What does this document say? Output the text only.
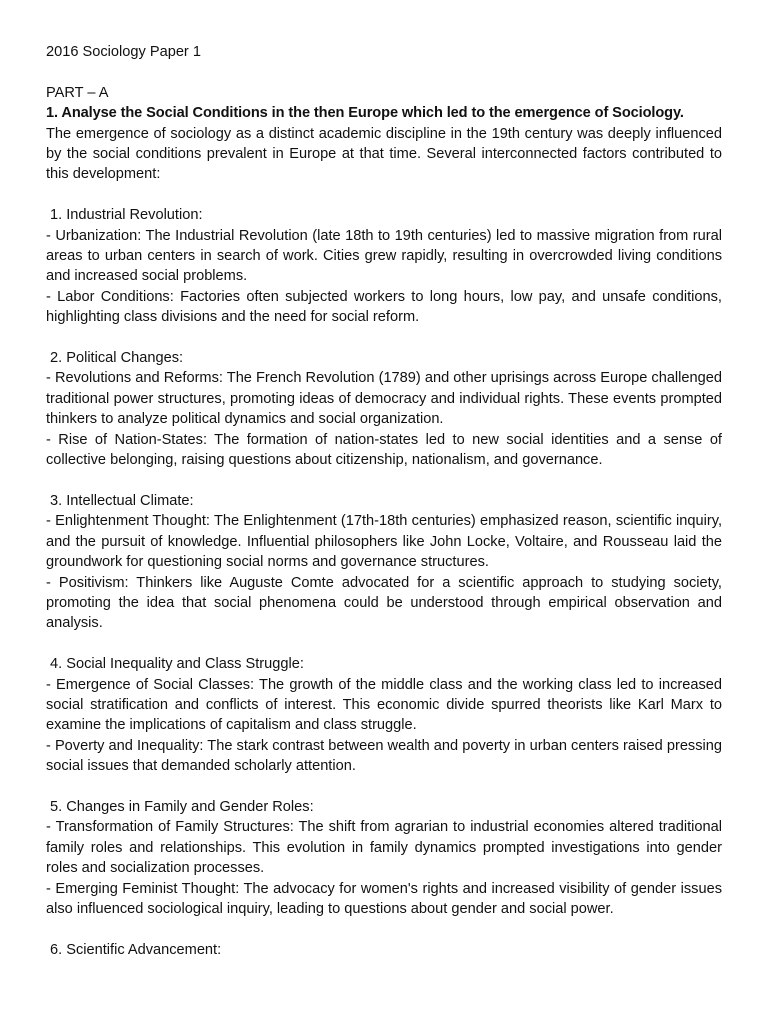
2016 Sociology Paper 1
PART – A
1. Analyse the Social Conditions in the then Europe which led to the emergence of Sociology.

The emergence of sociology as a distinct academic discipline in the 19th century was deeply influenced by the social conditions prevalent in Europe at that time. Several interconnected factors contributed to this development:

1. Industrial Revolution:

- Urbanization: The Industrial Revolution (late 18th to 19th centuries) led to massive migration from rural areas to urban centers in search of work. Cities grew rapidly, resulting in overcrowded living conditions and increased social problems.

- Labor Conditions: Factories often subjected workers to long hours, low pay, and unsafe conditions, highlighting class divisions and the need for social reform.

2. Political Changes:

- Revolutions and Reforms: The French Revolution (1789) and other uprisings across Europe challenged traditional power structures, promoting ideas of democracy and individual rights. These events prompted thinkers to analyze political dynamics and social organization.

- Rise of Nation-States: The formation of nation-states led to new social identities and a sense of collective belonging, raising questions about citizenship, nationalism, and governance.

3. Intellectual Climate:

- Enlightenment Thought: The Enlightenment (17th-18th centuries) emphasized reason, scientific inquiry, and the pursuit of knowledge. Influential philosophers like John Locke, Voltaire, and Rousseau laid the groundwork for questioning social norms and governance structures.

- Positivism: Thinkers like Auguste Comte advocated for a scientific approach to studying society, promoting the idea that social phenomena could be understood through empirical observation and analysis.

4. Social Inequality and Class Struggle:

- Emergence of Social Classes: The growth of the middle class and the working class led to increased social stratification and conflicts of interest. This economic divide spurred theorists like Karl Marx to examine the implications of capitalism and class struggle.

- Poverty and Inequality: The stark contrast between wealth and poverty in urban centers raised pressing social issues that demanded scholarly attention.

5. Changes in Family and Gender Roles:

- Transformation of Family Structures: The shift from agrarian to industrial economies altered traditional family roles and relationships. This evolution in family dynamics prompted investigations into gender roles and socialization processes.

- Emerging Feminist Thought: The advocacy for women's rights and increased visibility of gender issues also influenced sociological inquiry, leading to questions about gender and social power.

6. Scientific Advancement:
